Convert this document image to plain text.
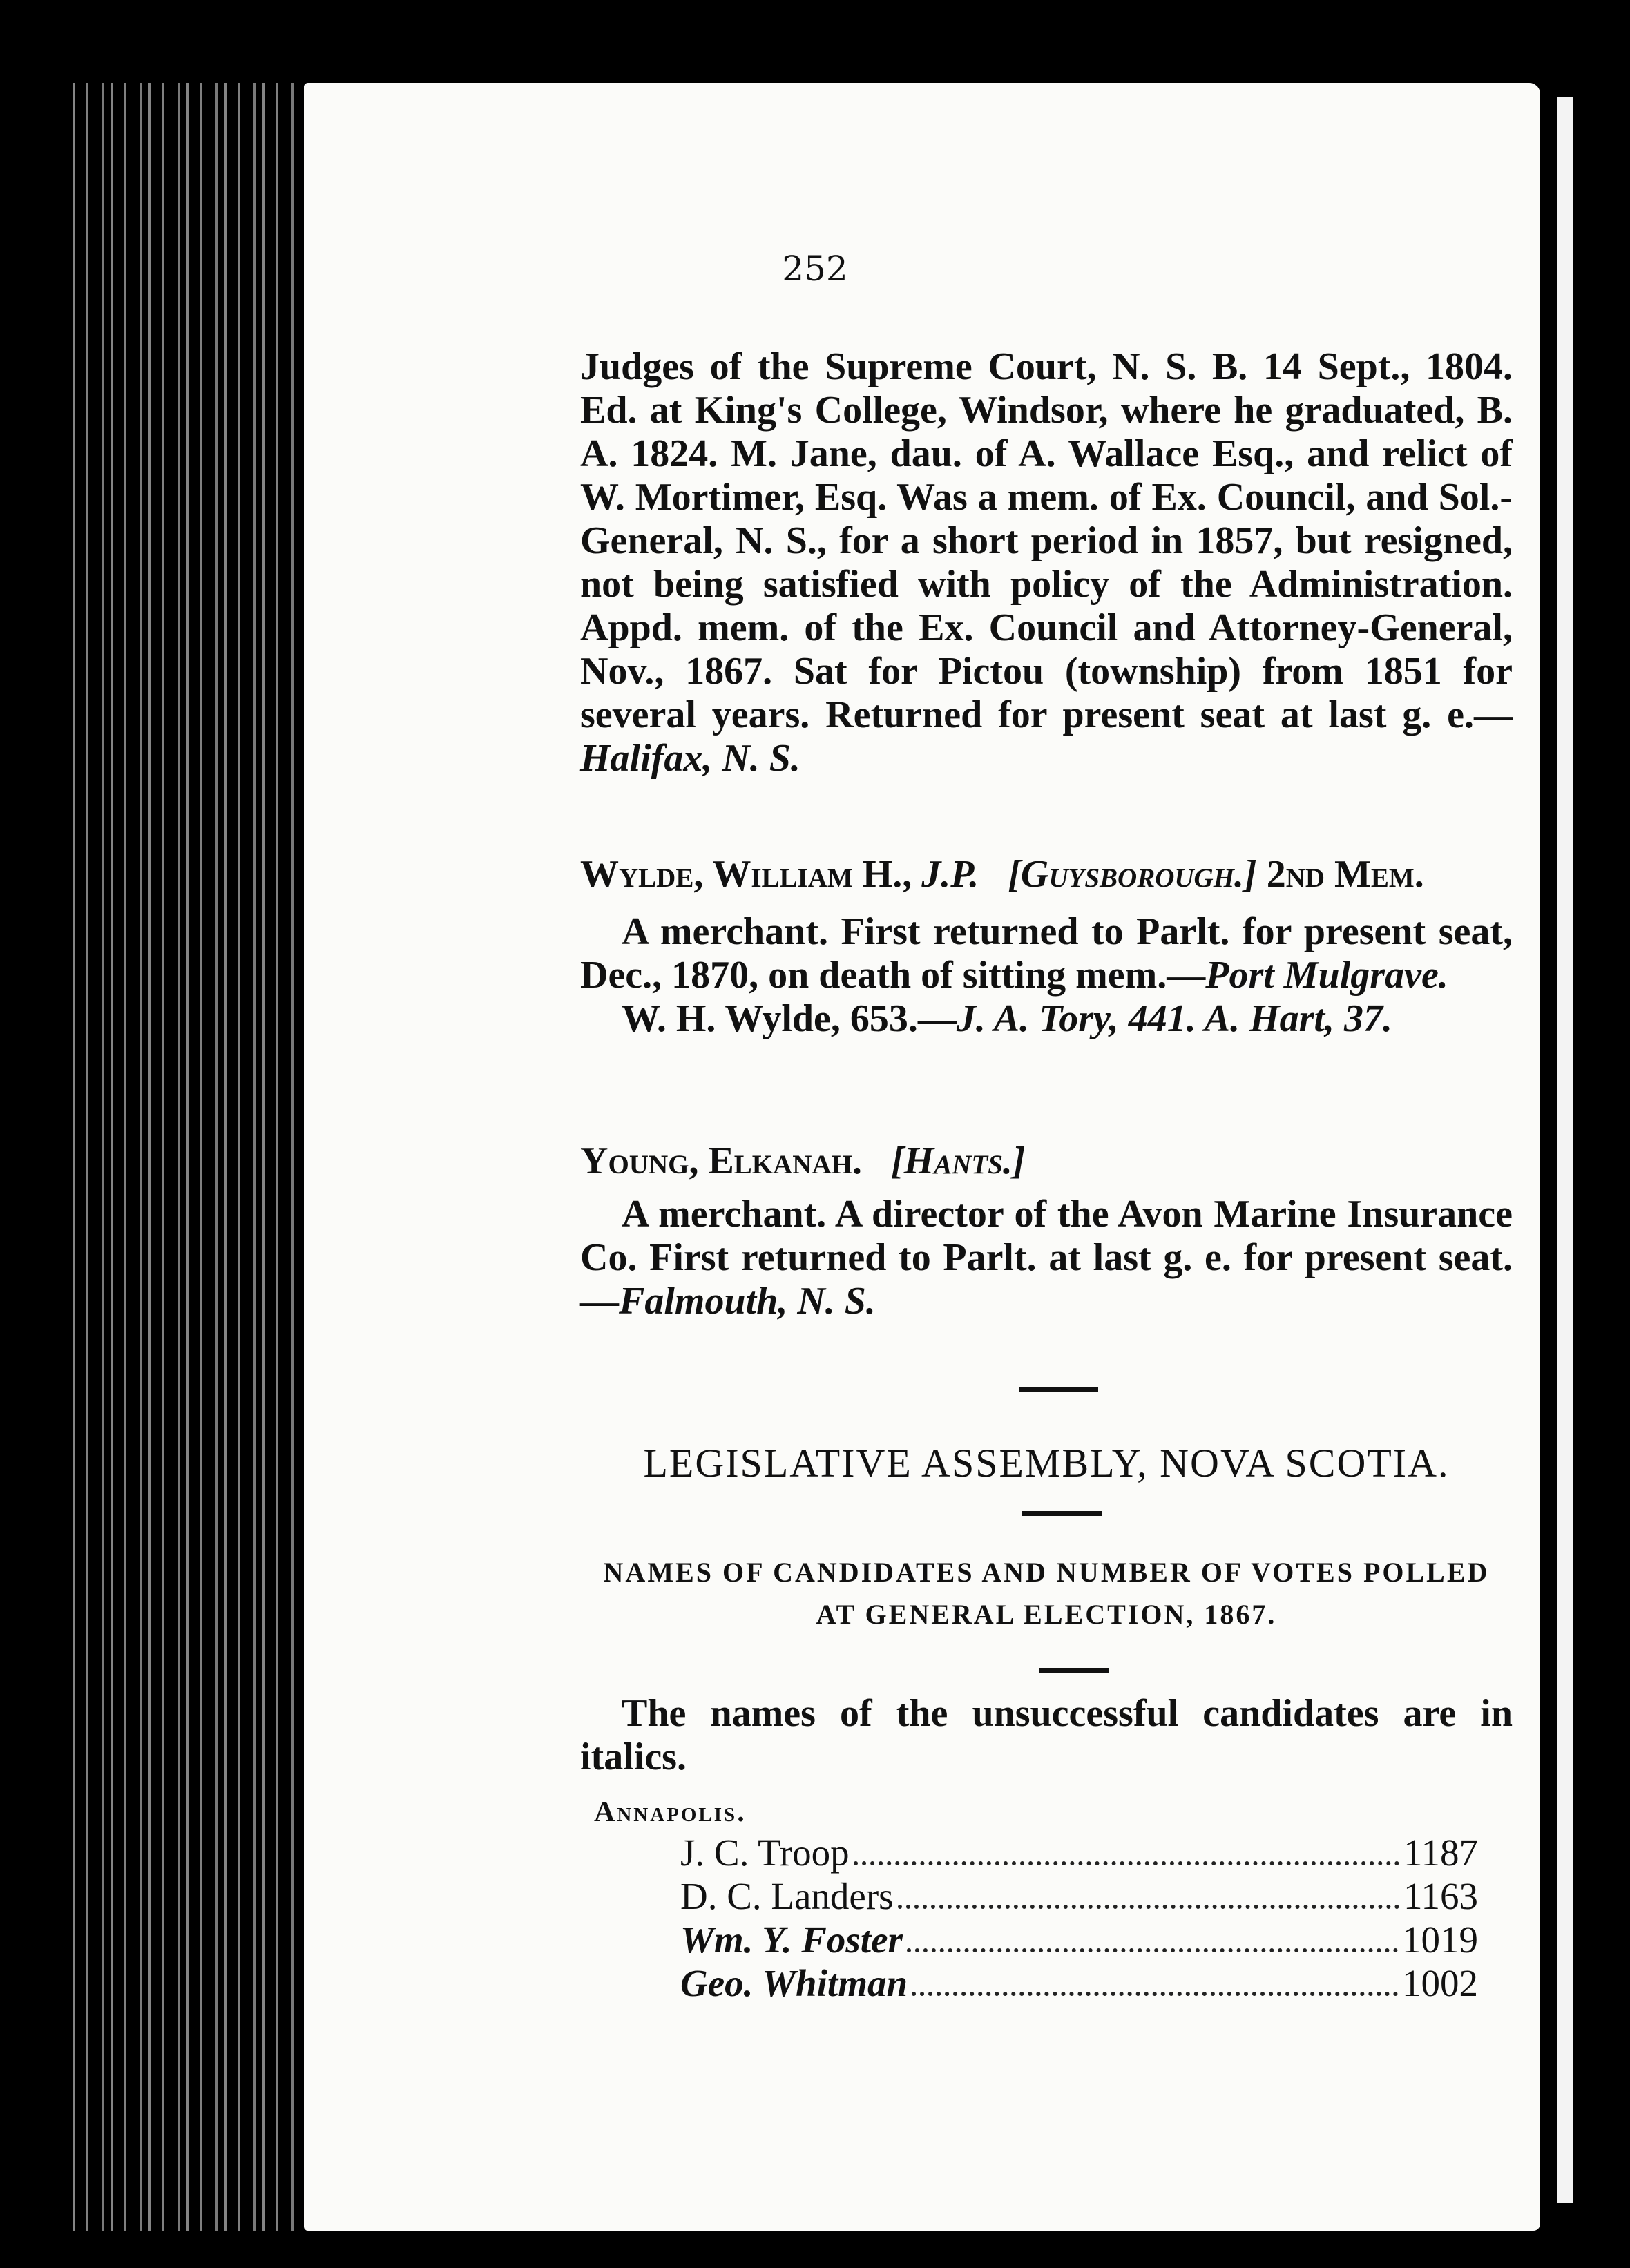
252

Judges of the Supreme Court, N. S. B. 14 Sept., 1804. Ed. at King's College, Windsor, where he graduated, B. A. 1824. M. Jane, dau. of A. Wallace Esq., and relict of W. Mortimer, Esq. Was a mem. of Ex. Council, and Sol.-General, N. S., for a short period in 1857, but resigned, not being satisfied with policy of the Administration. Appd. mem. of the Ex. Council and Attorney-General, Nov., 1867. Sat for Pictou (township) from 1851 for several years. Returned for present seat at last g. e.—Halifax, N. S.

Wylde, William H., J.P. [Guysborough.] 2nd Mem.

A merchant. First returned to Parlt. for present seat, Dec., 1870, on death of sitting mem.—Port Mulgrave.

W. H. Wylde, 653.—J. A. Tory, 441. A. Hart, 37.

Young, Elkanah. [Hants.]

A merchant. A director of the Avon Marine Insurance Co. First returned to Parlt. at last g. e. for present seat.—Falmouth, N. S.

LEGISLATIVE ASSEMBLY, NOVA SCOTIA.
NAMES OF CANDIDATES AND NUMBER OF VOTES POLLED
AT GENERAL ELECTION, 1867.

The names of the unsuccessful candidates are in italics.

Annapolis.
J. C. Troop	1187
D. C. Landers	1163
Wm. Y. Foster	1019
Geo. Whitman	1002
